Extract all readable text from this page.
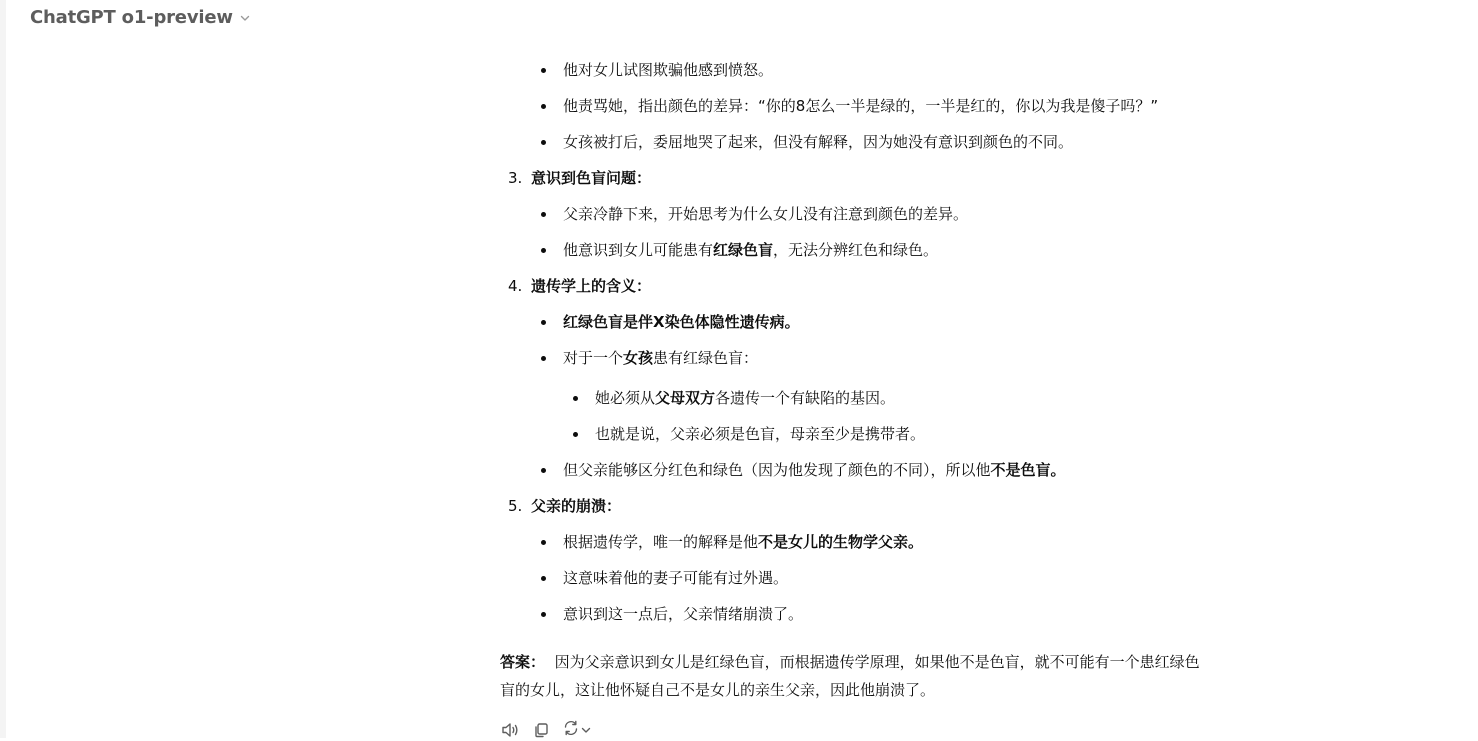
ChatGPT o1-preview
他对女儿试图欺骗他感到愤怒。
他责骂她，指出颜色的差异：“你的8怎么一半是绿的，一半是红的，你以为我是傻子吗？”
女孩被打后，委屈地哭了起来，但没有解释，因为她没有意识到颜色的不同。
3. 意识到色盲问题：
父亲冷静下来，开始思考为什么女儿没有注意到颜色的差异。
他意识到女儿可能患有红绿色盲，无法分辨红色和绿色。
4. 遗传学上的含义：
红绿色盲是伴X染色体隐性遗传病。
对于一个女孩患有红绿色盲：
她必须从父母双方各遗传一个有缺陷的基因。
也就是说，父亲必须是色盲，母亲至少是携带者。
但父亲能够区分红色和绿色（因为他发现了颜色的不同），所以他不是色盲。
5. 父亲的崩溃：
根据遗传学，唯一的解释是他不是女儿的生物学父亲。
这意味着他的妻子可能有过外遇。
意识到这一点后，父亲情绪崩溃了。
答案： 因为父亲意识到女儿是红绿色盲，而根据遗传学原理，如果他不是色盲，就不可能有一个患红绿色盲的女儿，这让他怀疑自己不是女儿的亲生父亲，因此他崩溃了。
